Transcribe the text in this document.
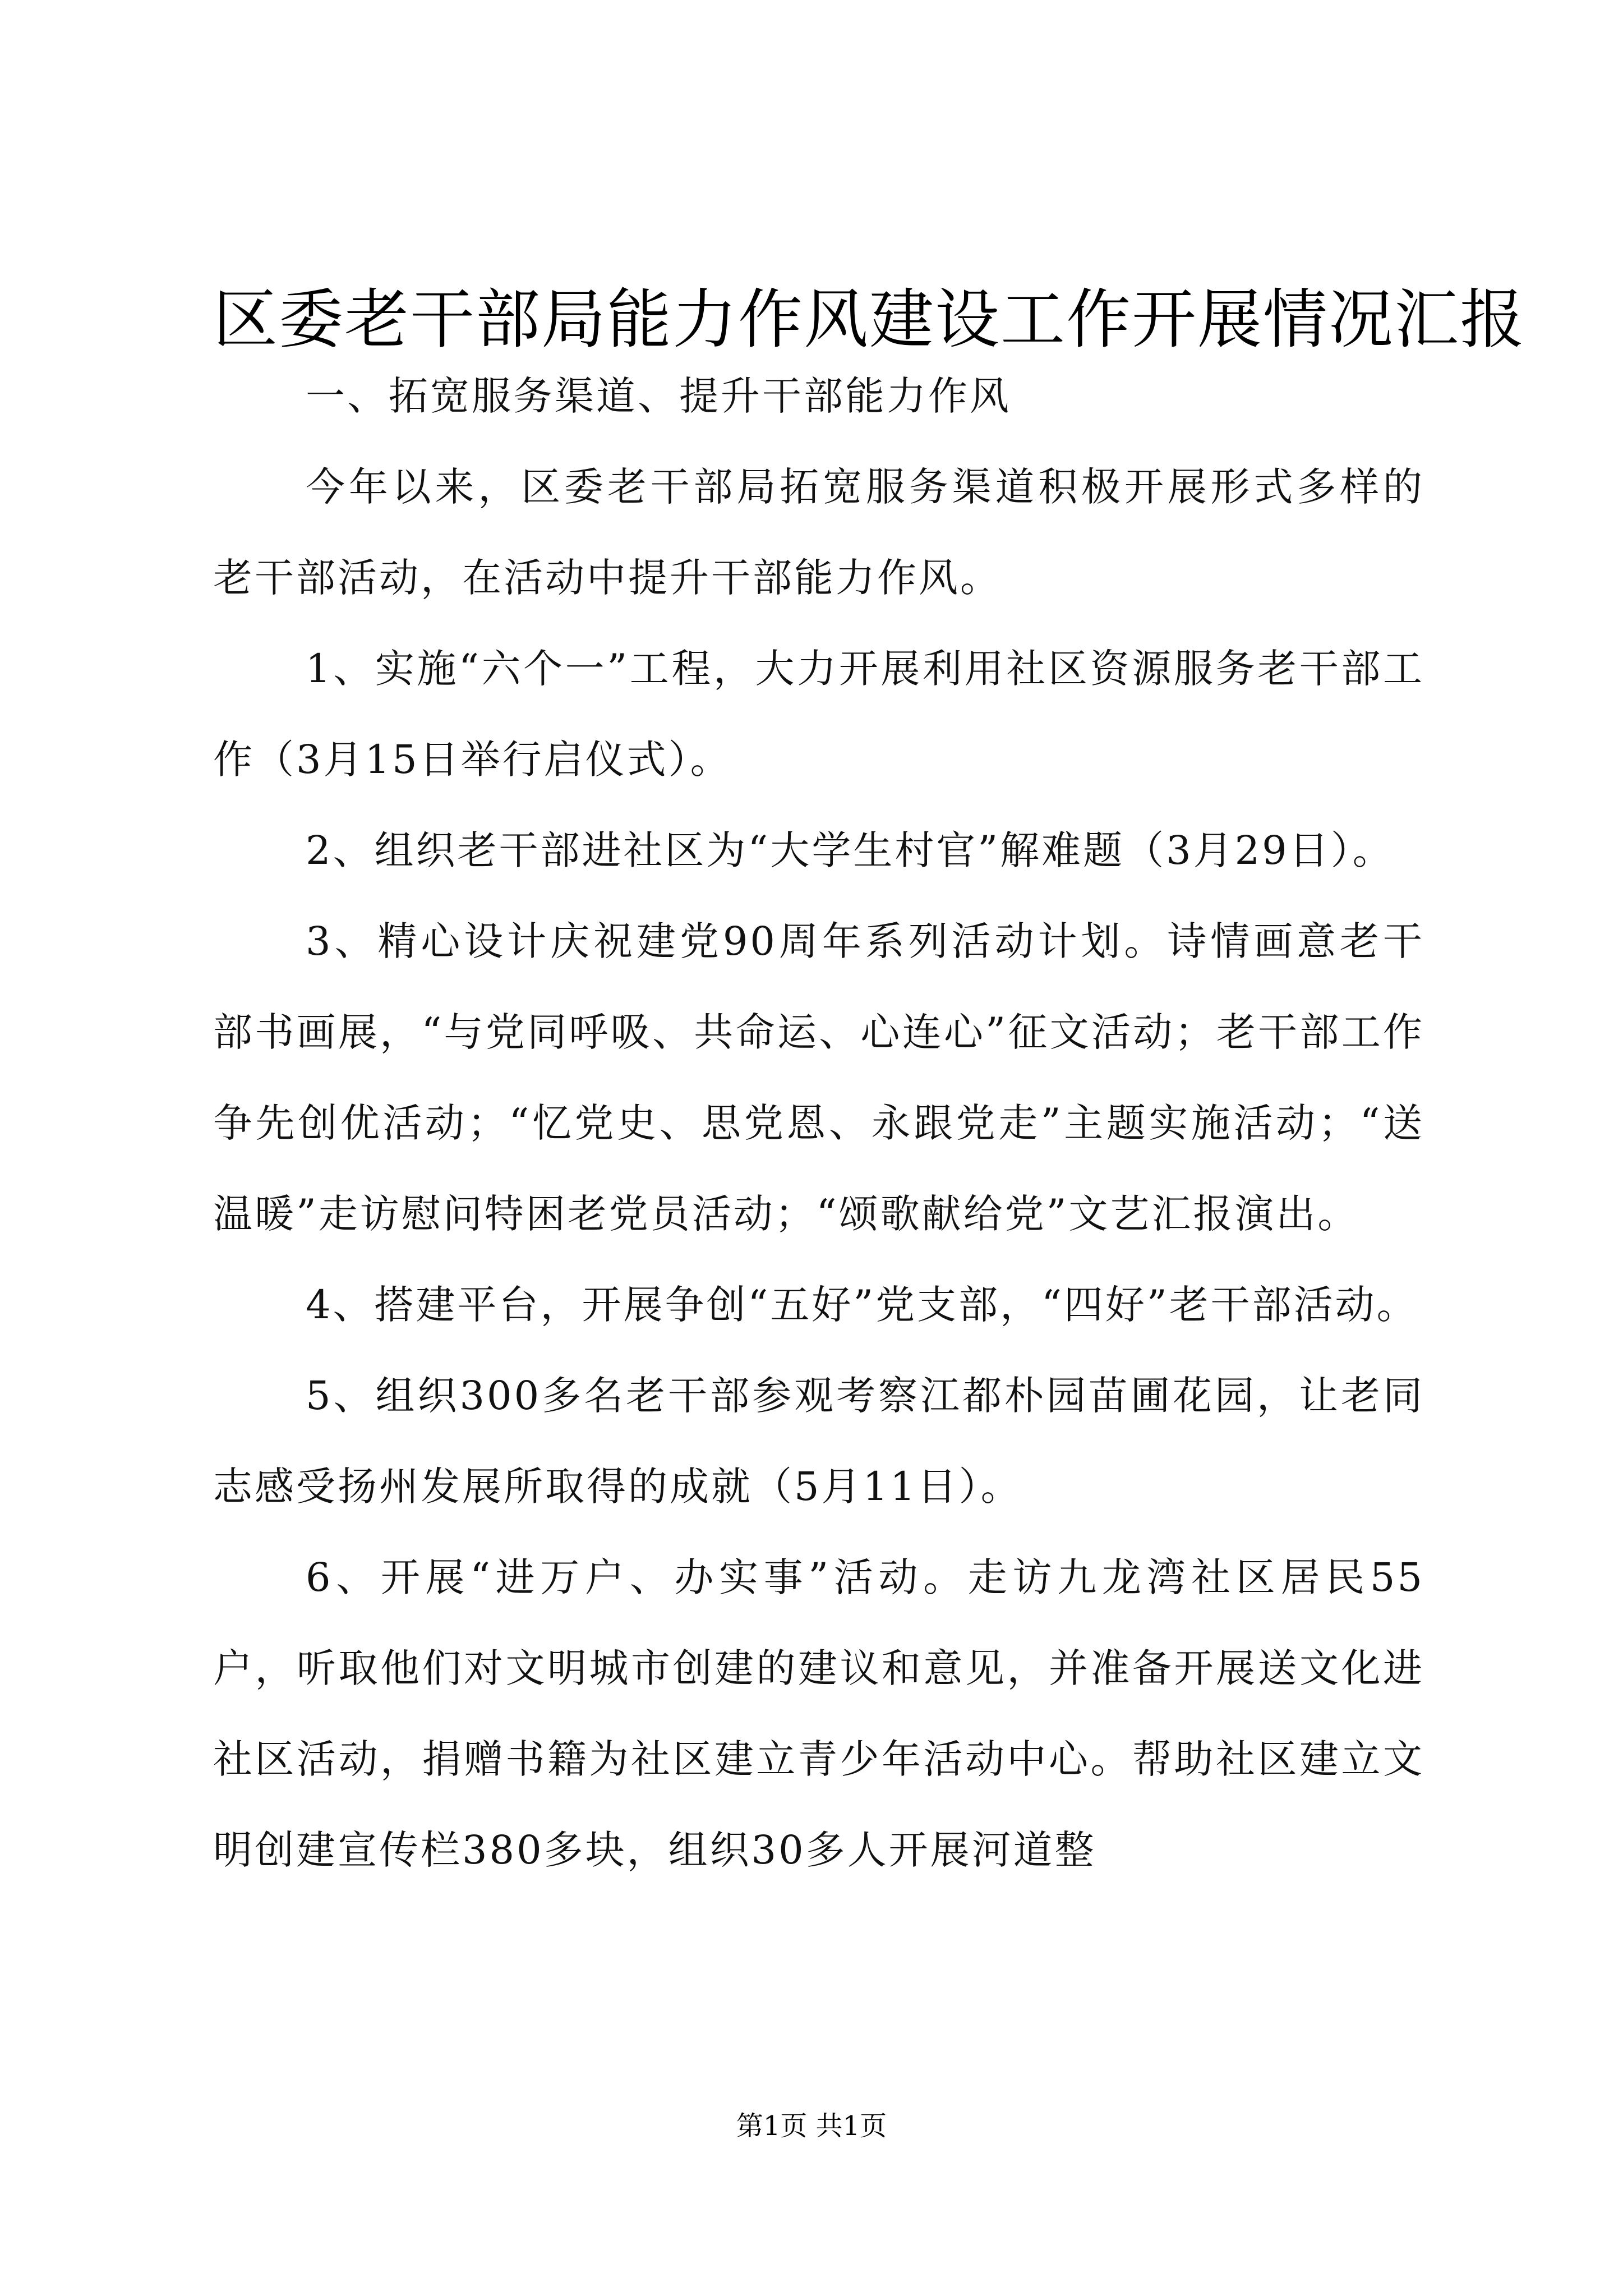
区委老干部局能力作风建设工作开展情况汇报

一、拓宽服务渠道、提升干部能力作风

今年以来，区委老干部局拓宽服务渠道积极开展形式多样的老干部活动，在活动中提升干部能力作风。

1、实施“六个一”工程，大力开展利用社区资源服务老干部工作（3月15日举行启仪式）。

2、组织老干部进社区为“大学生村官”解难题（3月29日）。

3、精心设计庆祝建党90周年系列活动计划。诗情画意老干部书画展，“与党同呼吸、共命运、心连心”征文活动；老干部工作争先创优活动；“忆党史、思党恩、永跟党走”主题实施活动；“送温暖”走访慰问特困老党员活动；“颂歌献给党”文艺汇报演出。

4、搭建平台，开展争创“五好”党支部，“四好”老干部活动。

5、组织300多名老干部参观考察江都朴园苗圃花园，让老同志感受扬州发展所取得的成就（5月11日）。

6、开展“进万户、办实事”活动。走访九龙湾社区居民55户，听取他们对文明城市创建的建议和意见，并准备开展送文化进社区活动，捐赠书籍为社区建立青少年活动中心。帮助社区建立文明创建宣传栏380多块，组织30多人开展河道整

第1页 共1页
